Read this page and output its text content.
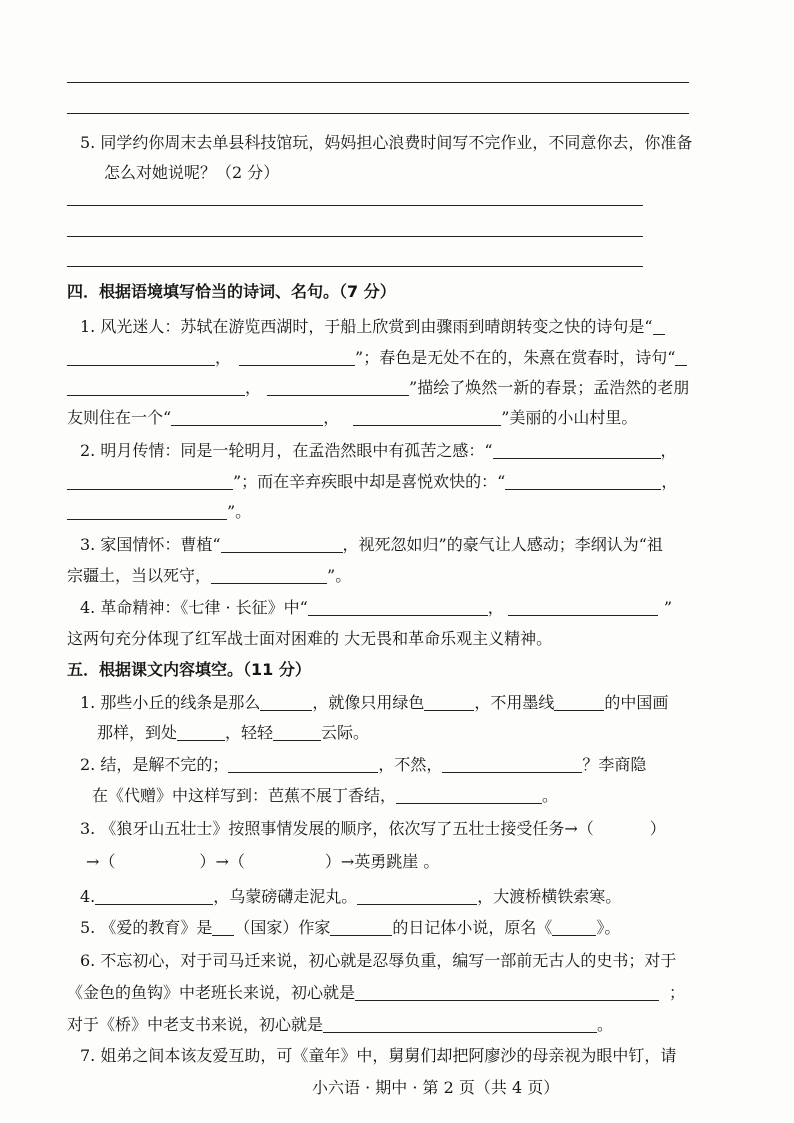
5. 同学约你周末去单县科技馆玩，妈妈担心浪费时间写不完作业，不同意你去，你准备
怎么对她说呢？（2 分）
四．根据语境填写恰当的诗词、名句。（7 分）
1. 风光迷人：苏轼在游览西湖时，于船上欣赏到由骤雨到晴朗转变之快的诗句是“
，	”；春色是无处不在的，朱熹在赏春时，诗句“
，	”描绘了焕然一新的春景；孟浩然的老朋
友则住在一个“	，	”美丽的小山村里。
2. 明月传情：同是一轮明月，在孟浩然眼中有孤苦之感：“	，
”；而在辛弃疾眼中却是喜悦欢快的：“	，
”。
3. 家国情怀：曹植“	，视死忽如归”的豪气让人感动；李纲认为“祖
宗疆土，当以死守，	”。
4. 革命精神：《七律 · 长征》中“	，	”
这两句充分体现了红军战士面对困难的 大无畏和革命乐观主义精神。
五．根据课文内容填空。（11 分）
1. 那些小丘的线条是那么	，就像只用绿色	，不用墨线	的中国画
那样，到处	，轻轻	云际。
2. 结，是解不完的；	，不然，	？李商隐
在《代赠》中这样写到：芭蕉不展丁香结，	。
3. 《狼牙山五壮士》按照事情发展的顺序，依次写了五壮士接受任务→（	）
→（	）→（	）→英勇跳崖 。
4.	，乌蒙磅礴走泥丸。	，大渡桥横铁索寒。
5. 《爱的教育》是 （国家）作家	的日记体小说，原名《	》。
6. 不忘初心，对于司马迁来说，初心就是忍辱负重，编写一部前无古人的史书；对于
《金色的鱼钩》中老班长来说，初心就是	；
对于《桥》中老支书来说，初心就是	。
7. 姐弟之间本该友爱互助，可《童年》中，舅舅们却把阿廖沙的母亲视为眼中钉，请
小六语 · 期中 · 第 2 页（共 4 页）
